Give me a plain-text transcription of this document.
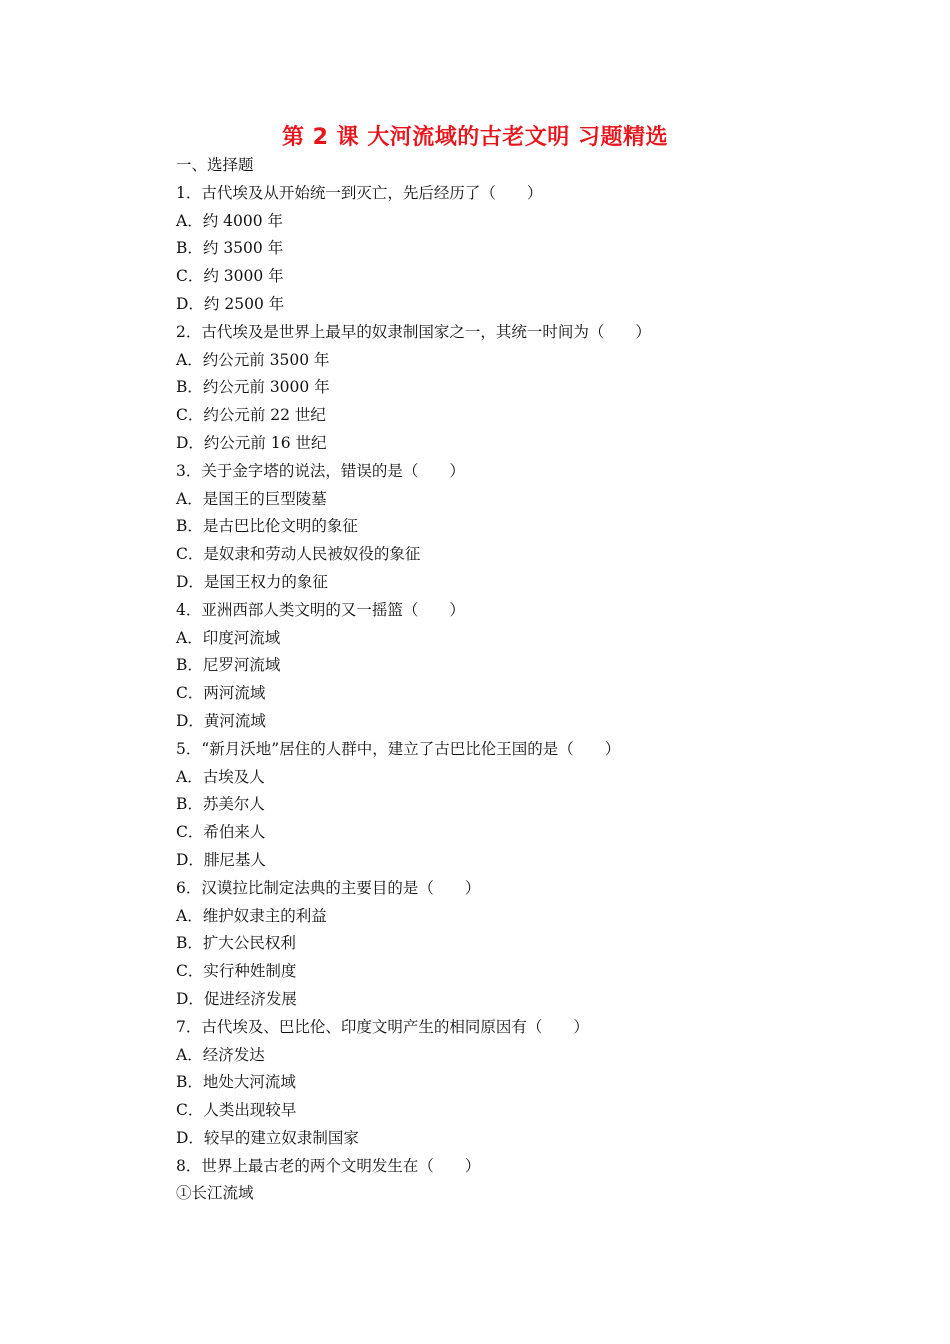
第 2 课 大河流域的古老文明 习题精选
一、选择题
1．古代埃及从开始统一到灭亡，先后经历了（　　）
A．约 4000 年
B．约 3500 年
C．约 3000 年
D．约 2500 年
2．古代埃及是世界上最早的奴隶制国家之一，其统一时间为（　　）
A．约公元前 3500 年
B．约公元前 3000 年
C．约公元前 22 世纪
D．约公元前 16 世纪
3．关于金字塔的说法，错误的是（　　）
A．是国王的巨型陵墓
B．是古巴比伦文明的象征
C．是奴隶和劳动人民被奴役的象征
D．是国王权力的象征
4．亚洲西部人类文明的又一摇篮（　　）
A．印度河流域
B．尼罗河流域
C．两河流域
D．黄河流域
5．“新月沃地”居住的人群中，建立了古巴比伦王国的是（　　）
A．古埃及人
B．苏美尔人
C．希伯来人
D．腓尼基人
6．汉谟拉比制定法典的主要目的是（　　）
A．维护奴隶主的利益
B．扩大公民权利
C．实行种姓制度
D．促进经济发展
7．古代埃及、巴比伦、印度文明产生的相同原因有（　　）
A．经济发达
B．地处大河流域
C．人类出现较早
D．较早的建立奴隶制国家
8．世界上最古老的两个文明发生在（　　）
①长江流域
